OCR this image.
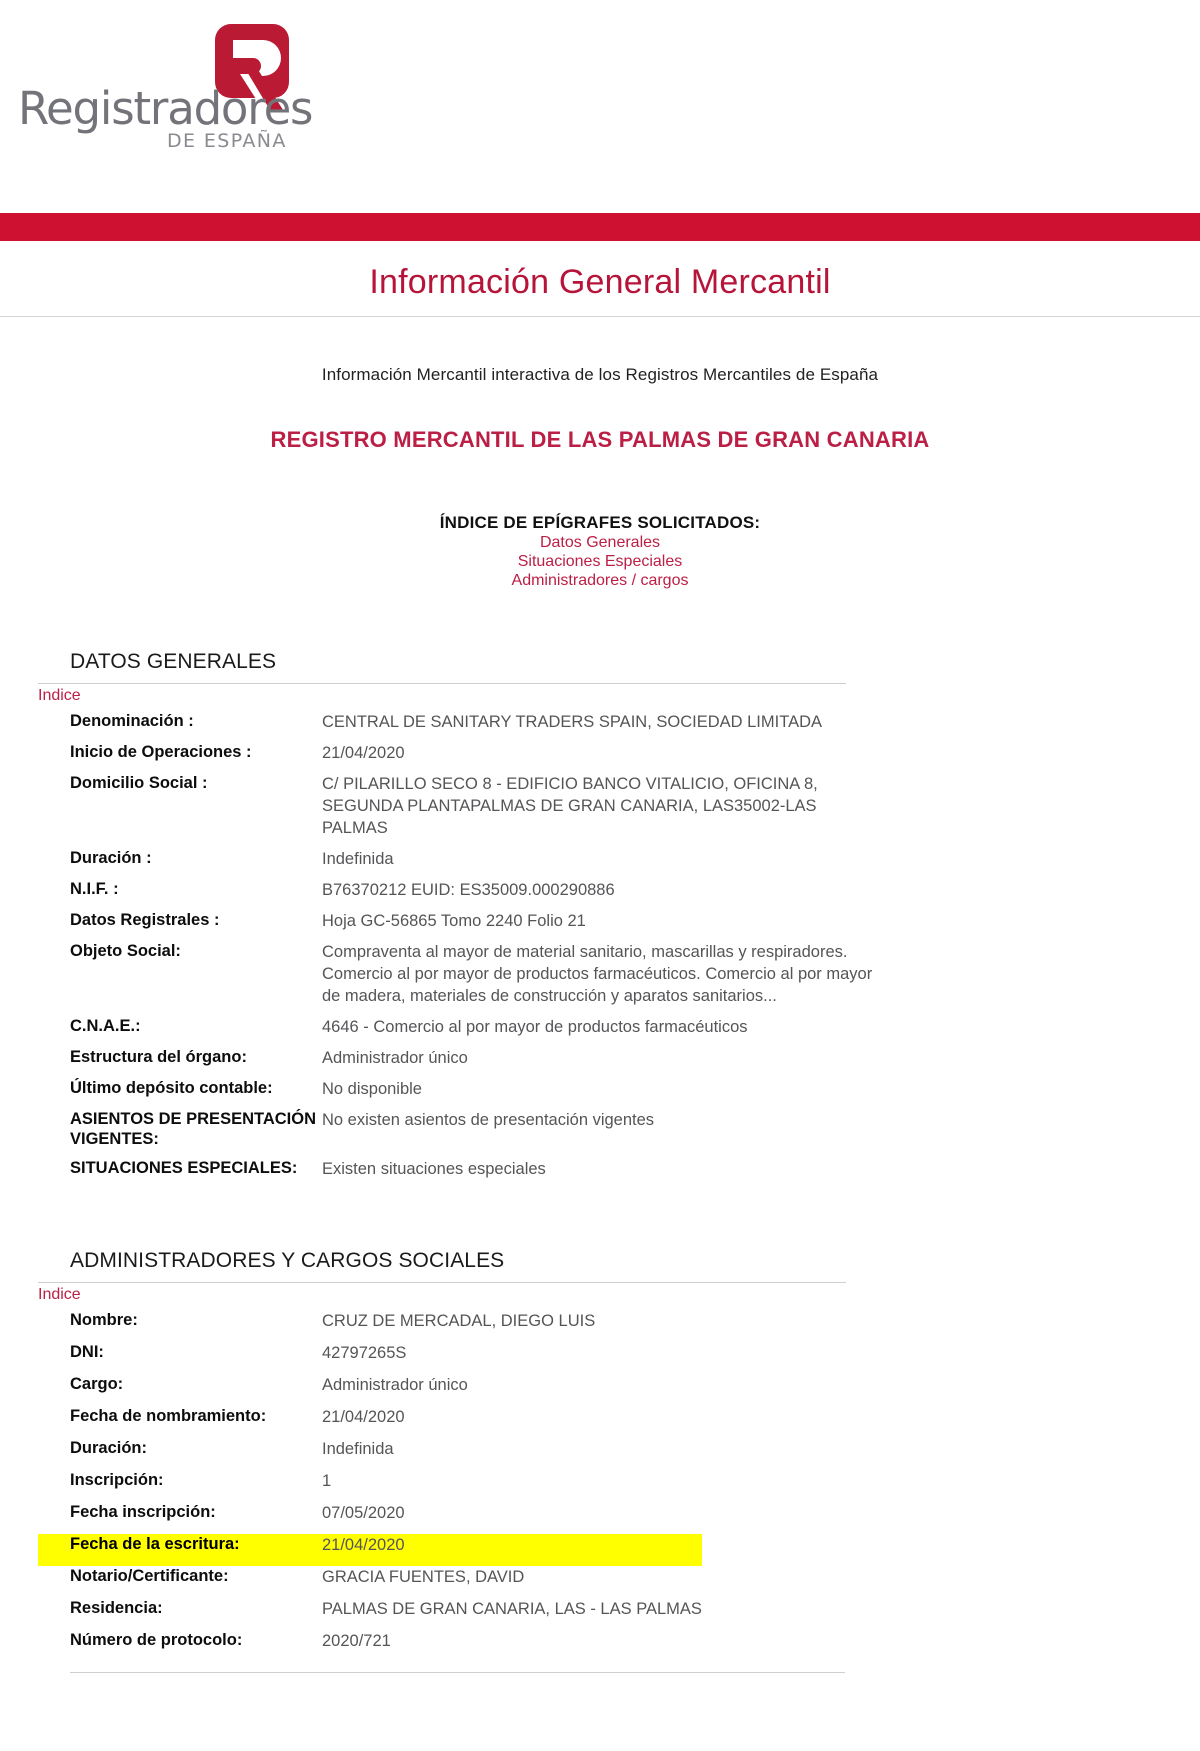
Registradores
DE ESPAÑA
Información General Mercantil
Información Mercantil interactiva de los Registros Mercantiles de España
REGISTRO MERCANTIL DE LAS PALMAS DE GRAN CANARIA
ÍNDICE DE EPÍGRAFES SOLICITADOS:
Datos Generales
Situaciones Especiales
Administradores / cargos
DATOS GENERALES
Indice
Denominación :	CENTRAL DE SANITARY TRADERS SPAIN, SOCIEDAD LIMITADA
Inicio de Operaciones :	21/04/2020
Domicilio Social :	C/ PILARILLO SECO 8 - EDIFICIO BANCO VITALICIO, OFICINA 8,
SEGUNDA PLANTAPALMAS DE GRAN CANARIA, LAS35002-LAS
PALMAS

Duración :	Indefinida
N.I.F. :	B76370212 EUID: ES35009.000290886
Datos Registrales :	Hoja GC-56865 Tomo 2240 Folio 21
Objeto Social:	Compraventa al mayor de material sanitario, mascarillas y respiradores.
Comercio al por mayor de productos farmacéuticos. Comercio al por mayor
de madera, materiales de construcción y aparatos sanitarios...

C.N.A.E.:	4646 - Comercio al por mayor de productos farmacéuticos
Estructura del órgano:	Administrador único
Último depósito contable:	No disponible
ASIENTOS DE PRESENTACIÓN VIGENTES:	No existen asientos de presentación vigentes
SITUACIONES ESPECIALES:	Existen situaciones especiales
ADMINISTRADORES Y CARGOS SOCIALES
Indice
Nombre:	CRUZ DE MERCADAL, DIEGO LUIS
DNI:	42797265S
Cargo:	Administrador único
Fecha de nombramiento:	21/04/2020
Duración:	Indefinida
Inscripción:	1
Fecha inscripción:	07/05/2020
Fecha de la escritura:	21/04/2020
Notario/Certificante:	GRACIA FUENTES, DAVID
Residencia:	PALMAS DE GRAN CANARIA, LAS - LAS PALMAS
Número de protocolo:	2020/721
